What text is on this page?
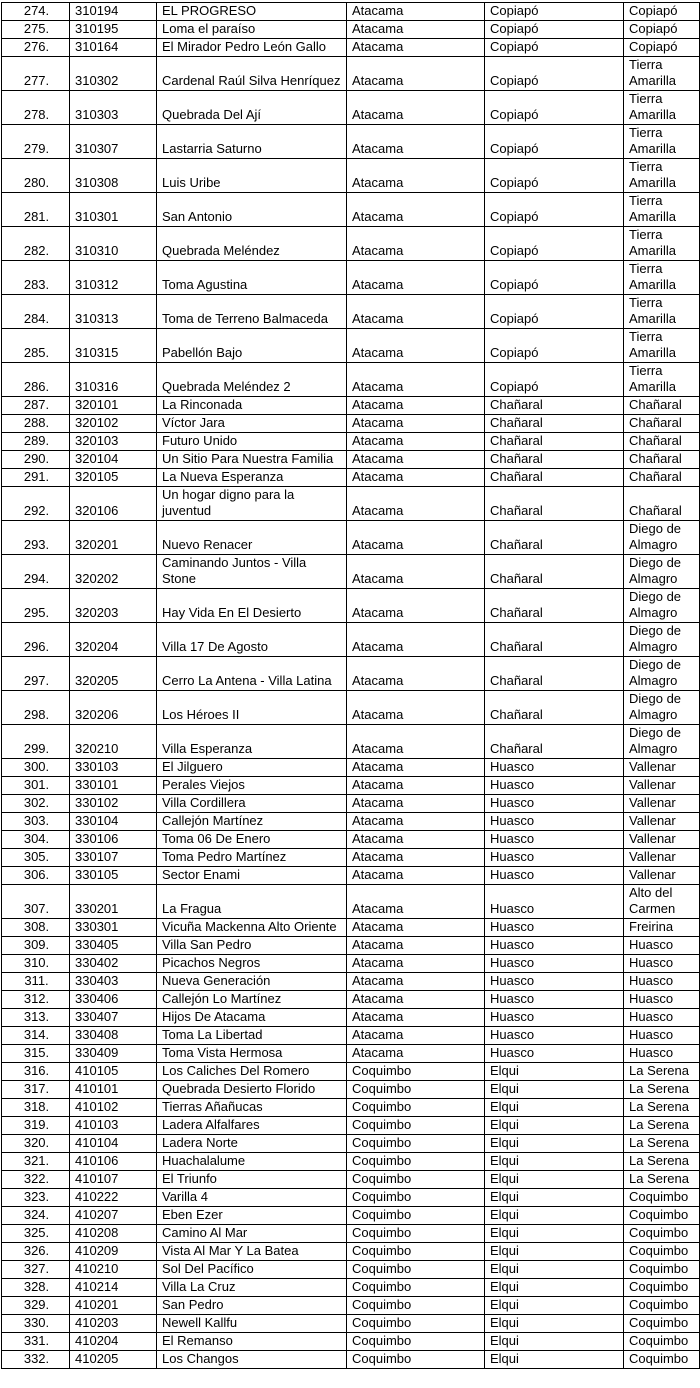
274.	310194	EL PROGRESO	Atacama	Copiapó	Copiapó
275.	310195	Loma el paraíso	Atacama	Copiapó	Copiapó
276.	310164	El Mirador Pedro León Gallo	Atacama	Copiapó	Copiapó
277.	310302	Cardenal Raúl Silva Henríquez	Atacama	Copiapó	Tierra Amarilla
278.	310303	Quebrada Del Ají	Atacama	Copiapó	Tierra Amarilla
279.	310307	Lastarria Saturno	Atacama	Copiapó	Tierra Amarilla
280.	310308	Luis Uribe	Atacama	Copiapó	Tierra Amarilla
281.	310301	San Antonio	Atacama	Copiapó	Tierra Amarilla
282.	310310	Quebrada Meléndez	Atacama	Copiapó	Tierra Amarilla
283.	310312	Toma Agustina	Atacama	Copiapó	Tierra Amarilla
284.	310313	Toma de Terreno Balmaceda	Atacama	Copiapó	Tierra Amarilla
285.	310315	Pabellón Bajo	Atacama	Copiapó	Tierra Amarilla
286.	310316	Quebrada Meléndez 2	Atacama	Copiapó	Tierra Amarilla
287.	320101	La Rinconada	Atacama	Chañaral	Chañaral
288.	320102	Víctor Jara	Atacama	Chañaral	Chañaral
289.	320103	Futuro Unido	Atacama	Chañaral	Chañaral
290.	320104	Un Sitio Para Nuestra Familia	Atacama	Chañaral	Chañaral
291.	320105	La Nueva Esperanza	Atacama	Chañaral	Chañaral
292.	320106	Un hogar digno para la juventud	Atacama	Chañaral	Chañaral
293.	320201	Nuevo Renacer	Atacama	Chañaral	Diego de Almagro
294.	320202	Caminando Juntos - Villa Stone	Atacama	Chañaral	Diego de Almagro
295.	320203	Hay Vida En El Desierto	Atacama	Chañaral	Diego de Almagro
296.	320204	Villa 17 De Agosto	Atacama	Chañaral	Diego de Almagro
297.	320205	Cerro La Antena - Villa Latina	Atacama	Chañaral	Diego de Almagro
298.	320206	Los Héroes II	Atacama	Chañaral	Diego de Almagro
299.	320210	Villa Esperanza	Atacama	Chañaral	Diego de Almagro
300.	330103	El Jilguero	Atacama	Huasco	Vallenar
301.	330101	Perales Viejos	Atacama	Huasco	Vallenar
302.	330102	Villa Cordillera	Atacama	Huasco	Vallenar
303.	330104	Callejón Martínez	Atacama	Huasco	Vallenar
304.	330106	Toma 06 De Enero	Atacama	Huasco	Vallenar
305.	330107	Toma Pedro Martínez	Atacama	Huasco	Vallenar
306.	330105	Sector Enami	Atacama	Huasco	Vallenar
307.	330201	La Fragua	Atacama	Huasco	Alto del Carmen
308.	330301	Vicuña Mackenna Alto Oriente	Atacama	Huasco	Freirina
309.	330405	Villa San Pedro	Atacama	Huasco	Huasco
310.	330402	Picachos Negros	Atacama	Huasco	Huasco
311.	330403	Nueva Generación	Atacama	Huasco	Huasco
312.	330406	Callejón Lo Martínez	Atacama	Huasco	Huasco
313.	330407	Hijos De Atacama	Atacama	Huasco	Huasco
314.	330408	Toma La Libertad	Atacama	Huasco	Huasco
315.	330409	Toma Vista Hermosa	Atacama	Huasco	Huasco
316.	410105	Los Caliches Del Romero	Coquimbo	Elqui	La Serena
317.	410101	Quebrada Desierto Florido	Coquimbo	Elqui	La Serena
318.	410102	Tierras Añañucas	Coquimbo	Elqui	La Serena
319.	410103	Ladera Alfalfares	Coquimbo	Elqui	La Serena
320.	410104	Ladera Norte	Coquimbo	Elqui	La Serena
321.	410106	Huachalalume	Coquimbo	Elqui	La Serena
322.	410107	El Triunfo	Coquimbo	Elqui	La Serena
323.	410222	Varilla 4	Coquimbo	Elqui	Coquimbo
324.	410207	Eben Ezer	Coquimbo	Elqui	Coquimbo
325.	410208	Camino Al Mar	Coquimbo	Elqui	Coquimbo
326.	410209	Vista Al Mar Y La Batea	Coquimbo	Elqui	Coquimbo
327.	410210	Sol Del Pacífico	Coquimbo	Elqui	Coquimbo
328.	410214	Villa La Cruz	Coquimbo	Elqui	Coquimbo
329.	410201	San Pedro	Coquimbo	Elqui	Coquimbo
330.	410203	Newell Kallfu	Coquimbo	Elqui	Coquimbo
331.	410204	El Remanso	Coquimbo	Elqui	Coquimbo
332.	410205	Los Changos	Coquimbo	Elqui	Coquimbo
